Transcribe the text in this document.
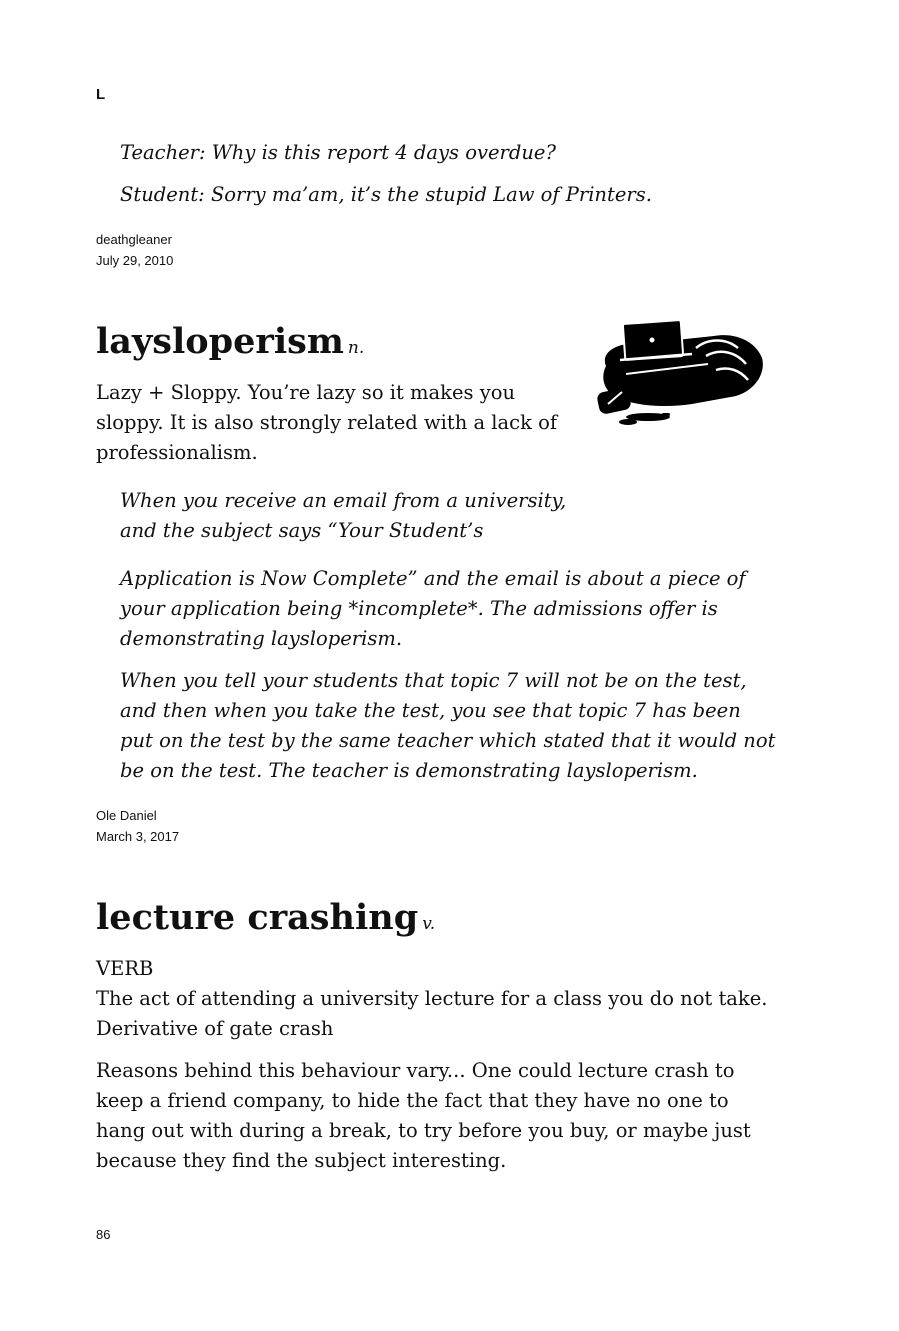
L

Teacher: Why is this report 4 days overdue?

Student: Sorry ma’am, it’s the stupid Law of Printers.

deathgleaner
July 29, 2010
laysloperism n.

Lazy + Sloppy. You’re lazy so it makes you sloppy. It is also strongly related with a lack of professionalism.

When you receive an email from a university, and the subject says “Your Student’s

Application is Now Complete” and the email is about a piece of your application being *incomplete*. The admissions offer is demonstrating laysloperism.

When you tell your students that topic 7 will not be on the test, and then when you take the test, you see that topic 7 has been put on the test by the same teacher which stated that it would not be on the test. The teacher is demonstrating laysloperism.

Ole Daniel
March 3, 2017
lecture crashing v.

VERB

The act of attending a university lecture for a class you do not take. Derivative of gate crash

Reasons behind this behaviour vary... One could lecture crash to keep a friend company, to hide the fact that they have no one to hang out with during a break, to try before you buy, or maybe just because they find the subject interesting.

86
